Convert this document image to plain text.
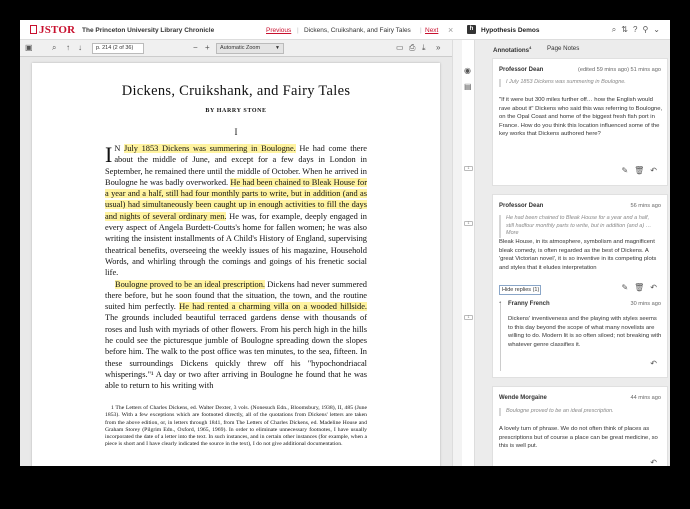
JSTOR The Princeton University Library Chronicle	Previous | Dickens, Cruikshank, and Fairy Tales | Next ×	h	Hypothesis Demos	⌕ ⇅ ? ⚲ ⌄
▣ ⌕ ↑ ↓	p. 214 (2 of 36)	− +	Automatic Zoom	▼	▭ ⎙ ⤓ »
Dickens, Cruikshank, and Fairy Tales
BY HARRY STONE
I

I N July 1853 Dickens was summering in Boulogne. He had come there about the middle of June, and except for a few days in London in September, he remained there until the middle of October. When he arrived in Boulogne he was badly overworked. He had been chained to Bleak House for a year and a half, still had four monthly parts to write, but in addition (and as usual) had simultaneously been caught up in enough activities to fill the days and nights of several ordinary men. He was, for example, deeply engaged in every aspect of Angela Burdett-Coutts's home for fallen women; he was also writing the insistent installments of A Child's History of England, supervising theatrical benefits, overseeing the weekly issues of his magazine, Household Words, and whirling through the comings and goings of his frenetic social life.

Boulogne proved to be an ideal prescription. Dickens had never summered there before, but he soon found that the situation, the town, and the routine suited him perfectly. He had rented a charming villa on a wooded hillside. The grounds included beautiful terraced gardens dense with thousands of roses and lush with myriads of other flowers. From his perch high in the hills he could see the picturesque jumble of Boulogne spreading down the slopes before him. The walk to the post office was ten minutes, to the sea, fifteen. In these surroundings Dickens quickly threw off his "hypochondriacal whisperings."¹ A day or two after arriving in Boulogne he found that he was able to return to his writing with

1 The Letters of Charles Dickens, ed. Walter Dexter, 3 vols. (Nonesuch Edn., Bloomsbury, 1938), II, 485 (June 1853). With a few exceptions which are footnoted directly, all of the quotations from Dickens' letters are taken from the above edition, or, in letters through 1841, from The Letters of Charles Dickens, ed. Madeline House and Graham Storey (Pilgrim Edn., Oxford, 1965, 1969). In order to eliminate unnecessary footnotes, I have usually incorporated the date of a letter into the text. In such instances, and in certain other instances (for example, when a piece is short and I have clearly indicated the source in the text), I do not give additional documentation.
◉
▤
1
1
1
Annotations$^4$	Page Notes
Professor Dean	(edited 59 mins ago) 51 mins ago
I July 1853 Dickens was summering in Boulogne.
"If it were but 300 miles further off… how the English would rave about it" Dickens who said this was referring to Boulogne, on the Opal Coast and home of the biggest fresh fish port in France. How do you think this location influenced some of the key works that Dickens authored here?
✎ 🗑 ↶
Professor Dean	56 mins ago
He had been chained to Bleak House for a year and a half,
still hadfour monthly parts to write, but in addition (and a) … More
Bleak House, in its atmosphere, symbolism and magnificent bleak comedy, is often regarded as the best of Dickens. A 'great Victorian novel', it is so inventive in its competing plots and styles that it eludes interpretation
Hide replies (1)	✎ 🗑 ↶
⌄ Franny French	30 mins ago
Dickens' inventiveness and the playing with styles seems to this day beyond the scope of what many novelists are willing to do. Modern lit is so often siloed; not breaking with whatever genre classifies it.
↶
Wende Morgaine	44 mins ago
Boulogne proved to be an ideal prescription.
A lovely turn of phrase. We do not often think of places as prescriptions but of course a place can be great medicine, so this is well put.
↶
